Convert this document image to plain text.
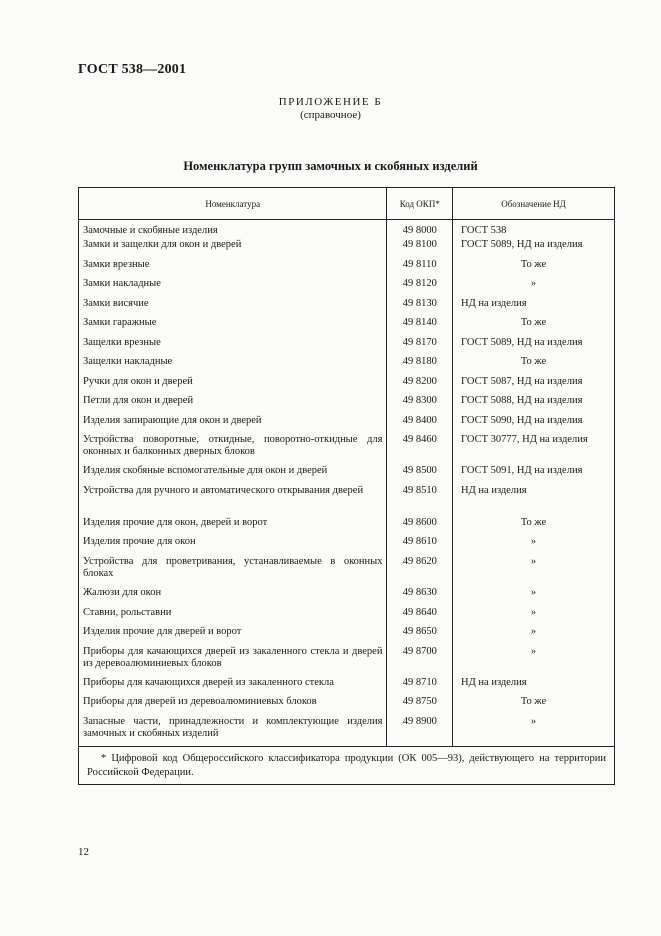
ГОСТ 538—2001
ПРИЛОЖЕНИЕ Б
(справочное)
Номенклатура групп замочных и скобяных изделий
Номенклатура	Код ОКП*	Обозначение НД
Замочные и скобяные изделия	49 8000	ГОСТ 538
Замки и защелки для окон и дверей	49 8100	ГОСТ 5089, НД на изделия
Замки врезные	49 8110	То же
Замки накладные	49 8120	»
Замки висячие	49 8130	НД на изделия
Замки гаражные	49 8140	То же
Защелки врезные	49 8170	ГОСТ 5089, НД на изделия
Защелки накладные	49 8180	То же
Ручки для окон и дверей	49 8200	ГОСТ 5087, НД на изделия
Петли для окон и дверей	49 8300	ГОСТ 5088, НД на изделия
Изделия запирающие для окон и дверей	49 8400	ГОСТ 5090, НД на изделия
Устройства поворотные, откидные, поворотно-откидные для оконных и балконных дверных блоков	49 8460	ГОСТ 30777, НД на изделия
Изделия скобяные вспомогательные для окон и дверей	49 8500	ГОСТ 5091, НД на изделия
Устройства для ручного и автоматического открывания дверей	49 8510	НД на изделия
Изделия прочие для окон, дверей и ворот	49 8600	То же
Изделия прочие для окон	49 8610	»
Устройства для проветривания, устанавливаемые в оконных блоках	49 8620	»
Жалюзи для окон	49 8630	»
Ставни, рольставни	49 8640	»
Изделия прочие для дверей и ворот	49 8650	»
Приборы для качающихся дверей из закаленного стекла и дверей из деревоалюминиевых блоков	49 8700	»
Приборы для качающихся дверей из закаленного стекла	49 8710	НД на изделия
Приборы для дверей из деревоалюминиевых блоков	49 8750	То же
Запасные части, принадлежности и комплектующие изделия замочных и скобяных изделий	49 8900	»
* Цифровой код Общероссийского классификатора продукции (ОК 005—93), действующего на территории Российской Федерации.		
12
